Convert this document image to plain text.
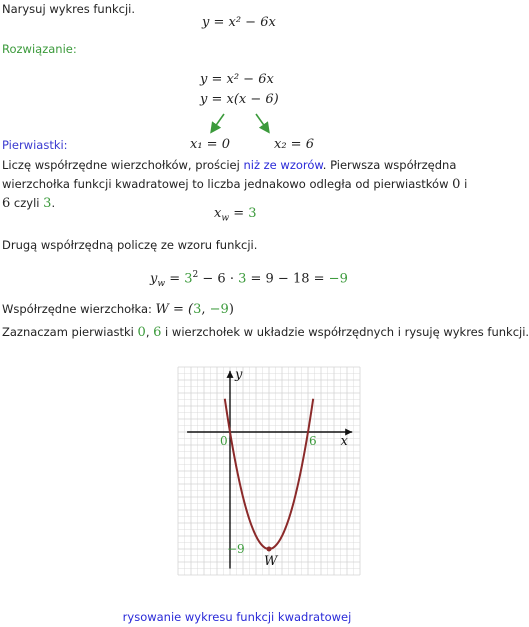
Narysuj wykres funkcji.
y = x² − 6x
Rozwiązanie:
y = x² − 6x
y = x(x − 6)
Pierwiastki:	x₁ = 0	x₂ = 6
Liczę współrzędne wierzchołków, prościej niż ze wzorów. Pierwsza współrzędna wierzchołka funkcji kwadratowej to liczba jednakowo odległa od pierwiastków 0 i 6 czyli 3.
$x_w = 3$
Drugą współrzędną policzę ze wzoru funkcji.
$y_w = 3^2 - 6 \cdot 3 = 9 - 18 = -9$
Współrzędne wierzchołka: W = (3, −9)
Zaznaczam pierwiastki 0, 6 i wierzchołek w układzie współrzędnych i rysuję wykres funkcji.
0	6
−9
x
y
W
rysowanie wykresu funkcji kwadratowej
